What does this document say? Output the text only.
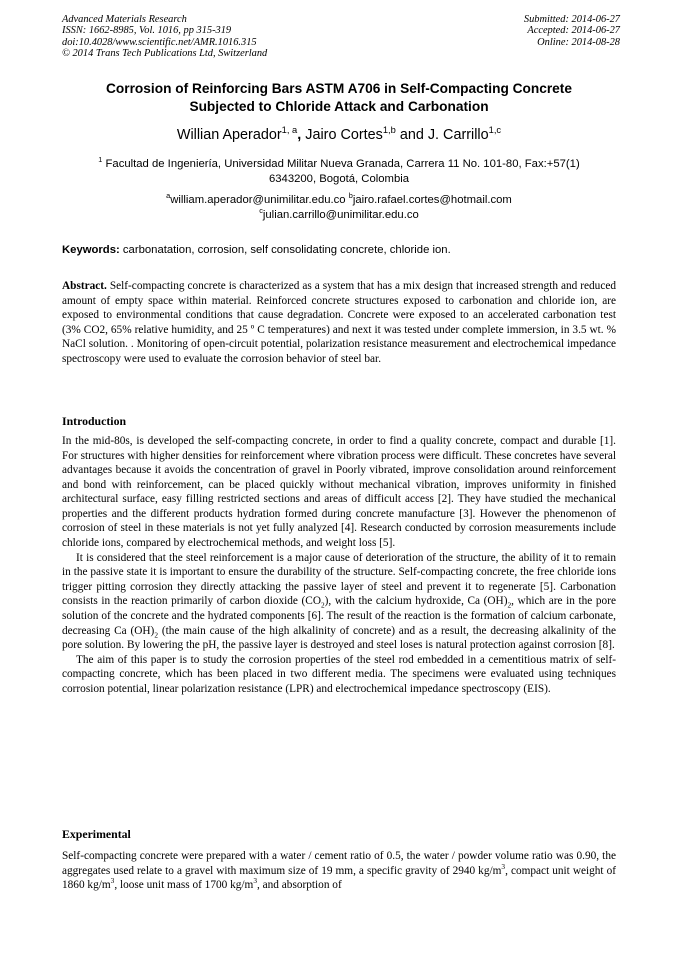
Advanced Materials Research
ISSN: 1662-8985, Vol. 1016, pp 315-319
doi:10.4028/www.scientific.net/AMR.1016.315
© 2014 Trans Tech Publications Ltd, Switzerland
Submitted: 2014-06-27
Accepted: 2014-06-27
Online: 2014-08-28
Corrosion of Reinforcing Bars ASTM A706 in Self-Compacting Concrete
Subjected to Chloride Attack and Carbonation
Willian Aperador$^{1, a}$, Jairo Cortes$^{1,b}$ and J. Carrillo$^{1,c}$
$^1$ Facultad de Ingeniería, Universidad Militar Nueva Granada, Carrera 11 No. 101-80, Fax:+57(1)
6343200, Bogotá, Colombia
$^a$william.aperador@unimilitar.edu.co $^b$jairo.rafael.cortes@hotmail.com
$^c$julian.carrillo@unimilitar.edu.co
Keywords: carbonatation, corrosion, self consolidating concrete, chloride ion.
Abstract. Self-compacting concrete is characterized as a system that has a mix design that increased strength and reduced amount of empty space within material. Reinforced concrete structures exposed to carbonation and chloride ion, are exposed to environmental conditions that cause degradation. Concrete were exposed to an accelerated carbonation test (3% CO2, 65% relative humidity, and 25 º C temperatures) and next it was tested under complete immersion, in 3.5 wt. % NaCl solution. . Monitoring of open-circuit potential, polarization resistance measurement and electrochemical impedance spectroscopy were used to evaluate the corrosion behavior of steel bar.
Introduction

In the mid-80s, is developed the self-compacting concrete, in order to find a quality concrete, compact and durable [1]. For structures with higher densities for reinforcement where vibration process were difficult. These concretes have several advantages because it avoids the concentration of gravel in Poorly vibrated, improve consolidation around reinforcement and bond with reinforcement, can be placed quickly without mechanical vibration, improves uniformity in finished architectural surface, easy filling restricted sections and areas of difficult access [2]. They have studied the mechanical properties and the different products hydration formed during concrete manufacture [3]. However the phenomenon of corrosion of steel in these materials is not yet fully analyzed [4]. Research conducted by corrosion measurements include chloride ions, compared by electrochemical methods, and weight loss [5].

It is considered that the steel reinforcement is a major cause of deterioration of the structure, the ability of it to remain in the passive state it is important to ensure the durability of the structure. Self-compacting concrete, the free chloride ions trigger pitting corrosion they directly attacking the passive layer of steel and prevent it to regenerate [5]. Carbonation consists in the reaction primarily of carbon dioxide $(CO_2)$, with the calcium hydroxide, Ca $(OH)_2$, which are in the pore solution of the concrete and the hydrated components [6]. The result of the reaction is the formation of calcium carbonate, decreasing Ca $(OH)_2$ (the main cause of the high alkalinity of concrete) and as a result, the decreasing alkalinity of the pore solution. By lowering the pH, the passive layer is destroyed and steel loses is natural protection against corrosion [8].

The aim of this paper is to study the corrosion properties of the steel rod embedded in a cementitious matrix of self-compacting concrete, which has been placed in two different media. The specimens were evaluated using techniques corrosion potential, linear polarization resistance (LPR) and electrochemical impedance spectroscopy (EIS).

Experimental
Self-compacting concrete were prepared with a water / cement ratio of 0.5, the water / powder volume ratio was 0.90, the aggregates used relate to a gravel with maximum size of 19 mm, a specific gravity of 2940 $kg/m^3$, compact unit weight of 1860 $kg/m^3$, loose unit mass of 1700 $kg/m^3$, and absorption of
